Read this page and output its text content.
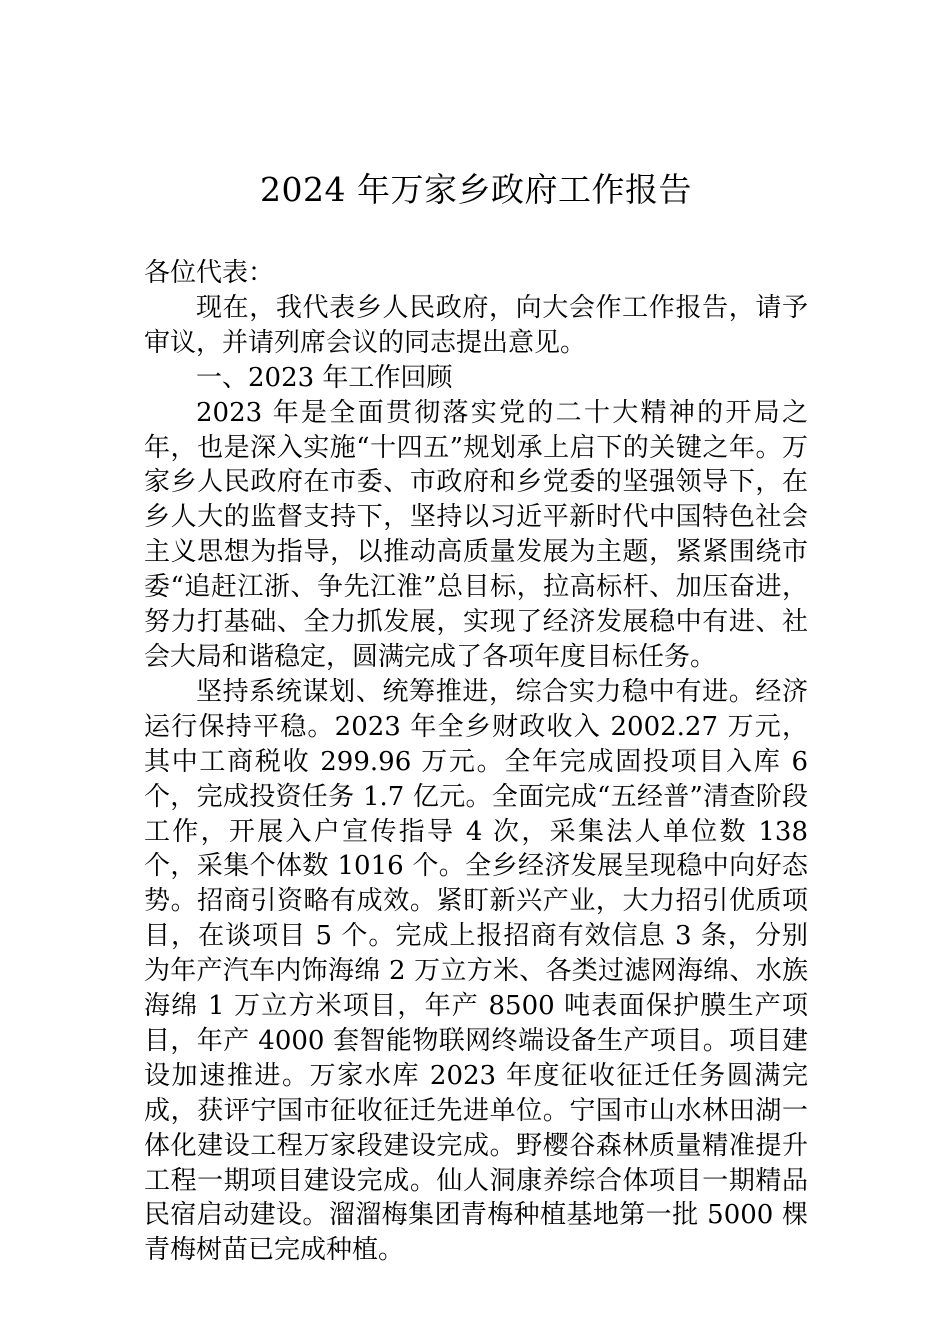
2024 年万家乡政府工作报告

各位代表：

现在，我代表乡人民政府，向大会作工作报告，请予审议，并请列席会议的同志提出意见。

一、2023 年工作回顾

2023 年是全面贯彻落实党的二十大精神的开局之年，也是深入实施“十四五”规划承上启下的关键之年。万家乡人民政府在市委、市政府和乡党委的坚强领导下，在乡人大的监督支持下，坚持以习近平新时代中国特色社会主义思想为指导，以推动高质量发展为主题，紧紧围绕市委“追赶江浙、争先江淮”总目标，拉高标杆、加压奋进，努力打基础、全力抓发展，实现了经济发展稳中有进、社会大局和谐稳定，圆满完成了各项年度目标任务。

坚持系统谋划、统筹推进，综合实力稳中有进。经济运行保持平稳。2023 年全乡财政收入 2002.27 万元，其中工商税收 299.96 万元。全年完成固投项目入库 6 个，完成投资任务 1.7 亿元。全面完成“五经普”清查阶段工作，开展入户宣传指导 4 次，采集法人单位数 138 个，采集个体数 1016 个。全乡经济发展呈现稳中向好态势。招商引资略有成效。紧盯新兴产业，大力招引优质项目，在谈项目 5 个。完成上报招商有效信息 3 条，分别为年产汽车内饰海绵 2 万立方米、各类过滤网海绵、水族海绵 1 万立方米项目，年产 8500 吨表面保护膜生产项目，年产 4000 套智能物联网终端设备生产项目。项目建设加速推进。万家水库 2023 年度征收征迁任务圆满完成，获评宁国市征收征迁先进单位。宁国市山水林田湖一体化建设工程万家段建设完成。野樱谷森林质量精准提升工程一期项目建设完成。仙人洞康养综合体项目一期精品民宿启动建设。溜溜梅集团青梅种植基地第一批 5000 棵青梅树苗已完成种植。
